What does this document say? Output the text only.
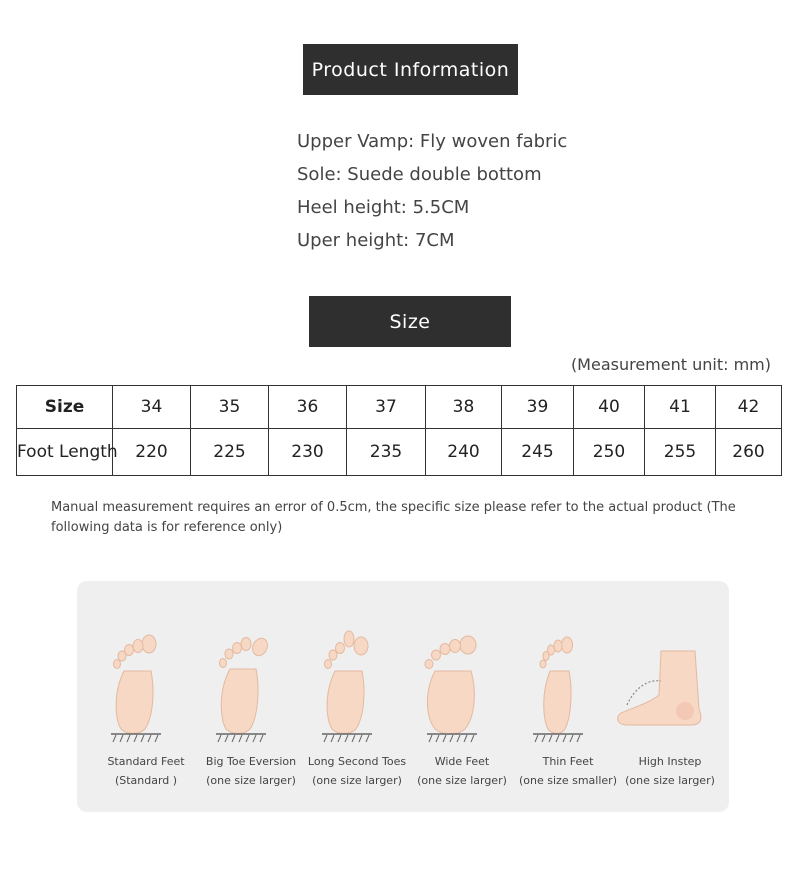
Product Information
Upper Vamp: Fly woven fabric
Sole: Suede double bottom
Heel height: 5.5CM
Uper height: 7CM
Size
(Measurement unit: mm)
Size	34	35	36	37	38	39	40	41	42
Foot Length	220	225	230	235	240	245	250	255	260
Manual measurement requires an error of 0.5cm, the specific size please refer to the actual product (The following data is for reference only)
Standard Feet
(Standard )
Big Toe Eversion
(one size larger)
Long Second Toes
(one size larger)
Wide Feet
(one size larger)
Thin Feet
(one size smaller)
High Instep
(one size larger)
